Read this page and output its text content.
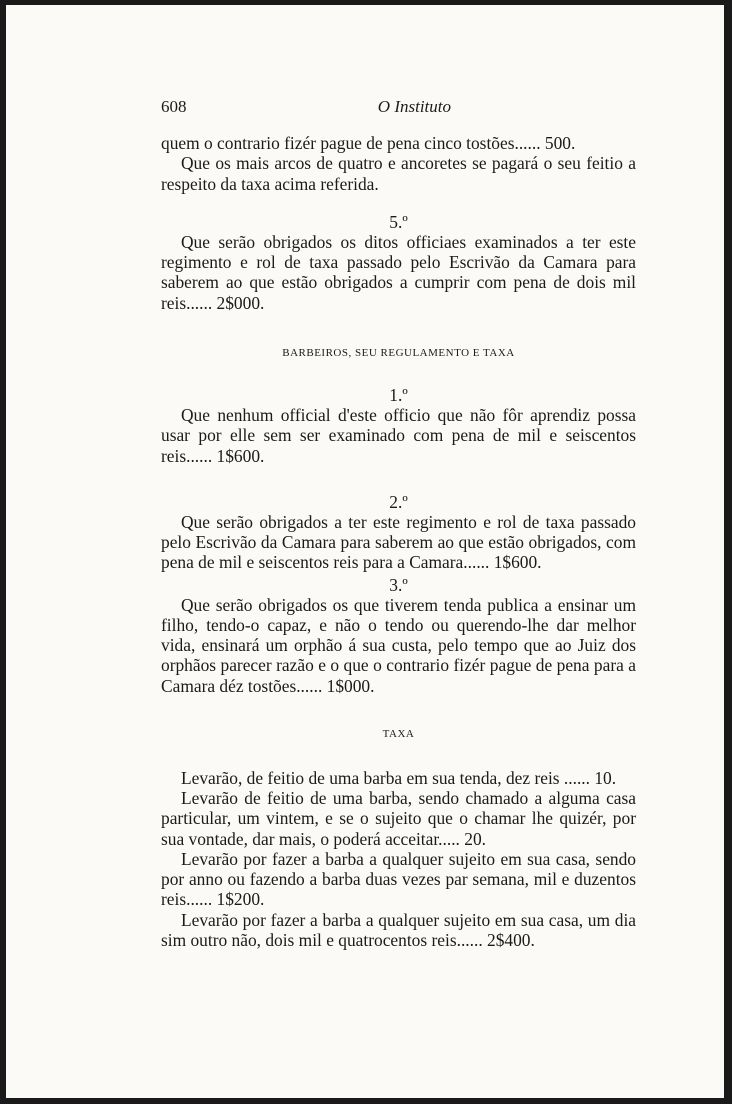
608	O Instituto

quem o contrario fizér pague de pena cinco tostões...... 500.

Que os mais arcos de quatro e ancoretes se pagará o seu feitio a respeito da taxa acima referida.

5.º

Que serão obrigados os ditos officiaes examinados a ter este regimento e rol de taxa passado pelo Escrivão da Camara para saberem ao que estão obrigados a cumprir com pena de dois mil reis...... 2$000.

BARBEIROS, SEU REGULAMENTO E TAXA
1.º

Que nenhum official d'este officio que não fôr aprendiz possa usar por elle sem ser examinado com pena de mil e seiscentos reis...... 1$600.

2.º

Que serão obrigados a ter este regimento e rol de taxa passado pelo Escrivão da Camara para saberem ao que estão obrigados, com pena de mil e seiscentos reis para a Camara...... 1$600.

3.º

Que serão obrigados os que tiverem tenda publica a ensinar um filho, tendo-o capaz, e não o tendo ou querendo-lhe dar melhor vida, ensinará um orphão á sua custa, pelo tempo que ao Juiz dos orphãos parecer razão e o que o contrario fizér pague de pena para a Camara déz tostões...... 1$000.

TAXA

Levarão, de feitio de uma barba em sua tenda, dez reis ...... 10.

Levarão de feitio de uma barba, sendo chamado a alguma casa particular, um vintem, e se o sujeito que o chamar lhe quizér, por sua vontade, dar mais, o poderá acceitar..... 20.

Levarão por fazer a barba a qualquer sujeito em sua casa, sendo por anno ou fazendo a barba duas vezes par semana, mil e duzentos reis...... 1$200.

Levarão por fazer a barba a qualquer sujeito em sua casa, um dia sim outro não, dois mil e quatrocentos reis...... 2$400.
